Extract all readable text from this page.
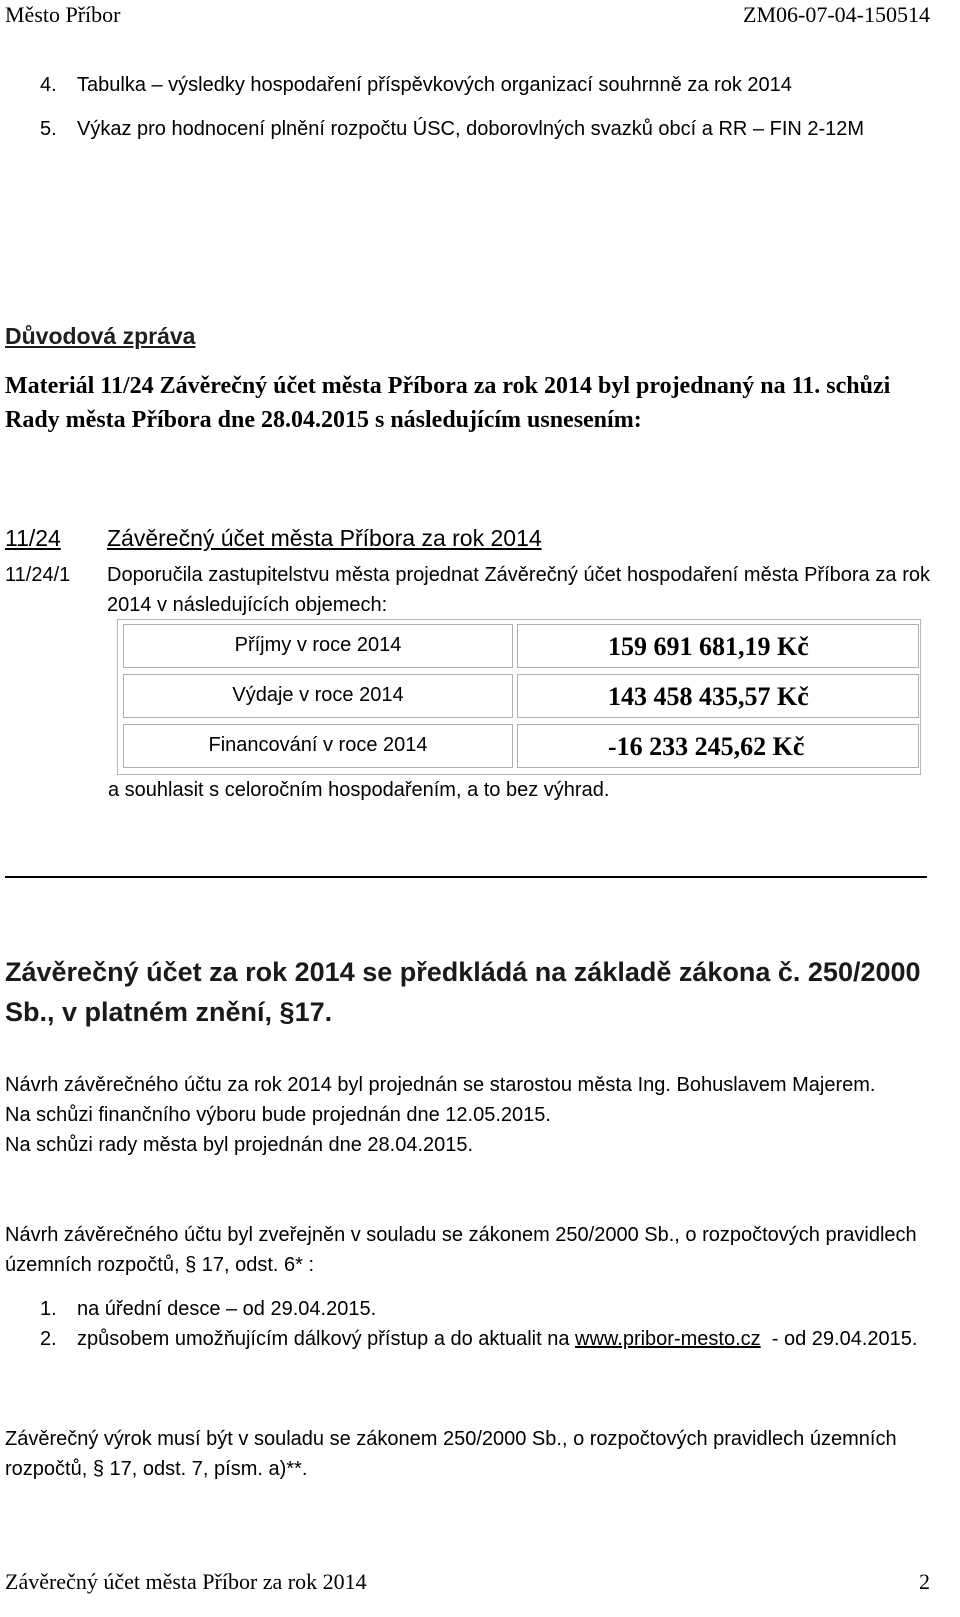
Město Příbor	ZM06-07-04-150514
4.	Tabulka – výsledky hospodaření příspěvkových organizací souhrnně za rok 2014
5.	Výkaz pro hodnocení plnění rozpočtu ÚSC, doborovlných svazků obcí a RR – FIN 2-12M
Důvodová zpráva
Materiál 11/24 Závěrečný účet města Příbora za rok 2014 byl projednaný na 11. schůzi Rady města Příbora dne 28.04.2015 s následujícím usnesením:
11/24 Závěrečný účet města Příbora za rok 2014
11/24/1	Doporučila zastupitelstvu města projednat Závěrečný účet hospodaření města Příbora za rok 2014 v následujících objemech:
Příjmy v roce 2014	159 691 681,19 Kč
Výdaje v roce 2014	143 458 435,57 Kč
Financování v roce 2014	-16 233 245,62 Kč
a souhlasit s celoročním hospodařením, a to bez výhrad.
Závěrečný účet za rok 2014 se předkládá na základě zákona č. 250/2000 Sb., v platném znění, §17.

Návrh závěrečného účtu za rok 2014 byl projednán se starostou města Ing. Bohuslavem Majerem.

Na schůzi finančního výboru bude projednán dne 12.05.2015.

Na schůzi rady města byl projednán dne 28.04.2015.

Návrh závěrečného účtu byl zveřejněn v souladu se zákonem 250/2000 Sb., o rozpočtových pravidlech územních rozpočtů, § 17, odst. 6* :

1.	na úřední desce – od 29.04.2015.
2.	způsobem umožňujícím dálkový přístup a do aktualit na www.pribor-mesto.cz - od 29.04.2015.
Závěrečný výrok musí být v souladu se zákonem 250/2000 Sb., o rozpočtových pravidlech územních rozpočtů, § 17, odst. 7, písm. a)**.
Závěrečný účet města Příbor za rok 2014	2
